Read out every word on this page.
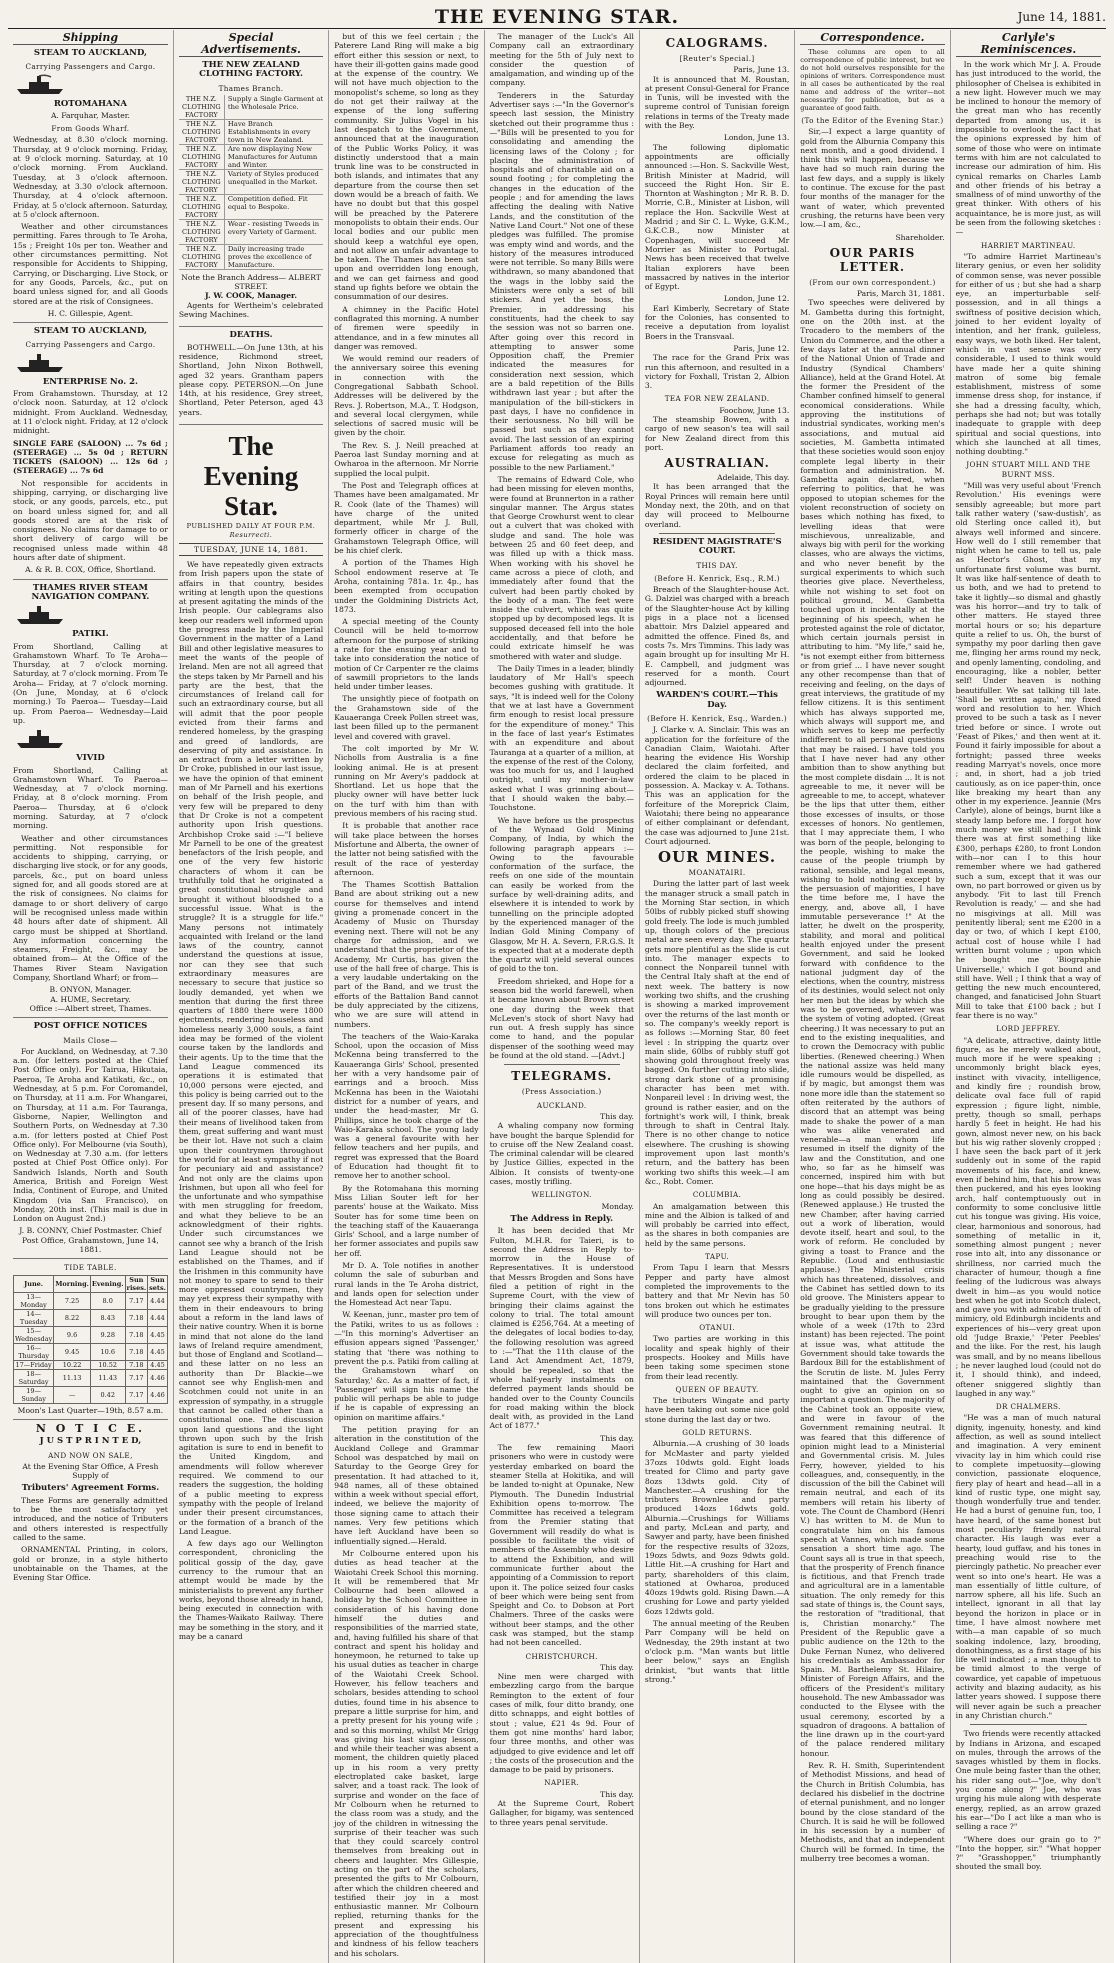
THE EVENING STAR.	June 14, 1881.
Shipping
STEAM TO AUCKLAND,
Carrying Passengers and Cargo.
ROTOMAHANA
A. Farquhar, Master.
From Goods Wharf.

Wednesday, at 8.30 o'clock morning. Thursday, at 9 o'clock morning. Friday, at 9 o'clock morning. Saturday, at 10 o'clock morning. From Auckland. Tuesday, at 3 o'clock afternoon. Wednesday, at 3.30 o'clock afternoon. Thursday, at 4 o'clock afternoon. Friday, at 5 o'clock afternoon. Saturday, at 5 o'clock afternoon.

Weather and other circumstances permitting. Fares through to Te Aroha, 15s ; Freight 10s per ton. Weather and other circumstances permitting. Not responsible for Accidents to Shipping, Carrying, or Discharging. Live Stock, or for any Goods, Parcels, &c., put on board unless signed for, and all Goods stored are at the risk of Consignees.

H. C. Gillespie, Agent.
STEAM TO AUCKLAND,
Carrying Passengers and Cargo.
ENTERPRISE No. 2.

From Grahamstown. Thursday, at 12 o'clock noon. Saturday, at 12 o'clock midnight. From Auckland. Wednesday, at 11 o'clock night. Friday, at 12 o'clock midnight.

SINGLE FARE (SALOON) ... 7s 6d ; (STEERAGE) ... 5s 0d ; RETURN TICKETS (SALOON) ... 12s 6d ; (STEERAGE) ... 7s 6d

Not responsible for accidents in shipping, carrying, or discharging live stock, or any goods, parcels, etc., put on board unless signed for, and all goods stored are at the risk of consignees. No claims for damage to or short delivery of cargo will be recognised unless made within 48 hours after date of shipment.

A. & R. B. COX, Office, Shortland.
THAMES RIVER STEAM NAVIGATION COMPANY.
PATIKI.

From Shortland, Calling at Grahamstown Wharf. To Te Aroha— Thursday, at 7 o'clock morning. Saturday, at 7 o'clock morning. From Te Aroha— Friday, at 7 o'clock morning. (On June, Monday, at 6 o'clock morning.) To Paeroa— Tuesday—Laid up. From Paeroa— Wednesday—Laid up.

VIVID

From Shortland, Calling at Grahamstown Wharf. To Paeroa— Wednesday, at 7 o'clock morning. Friday, at 8 o'clock morning. From Paeroa— Thursday, at 6 o'clock morning. Saturday, at 7 o'clock morning.

Weather and other circumstances permitting. Not responsible for accidents to shipping, carrying, or discharging live stock, or for any goods, parcels, &c., put on board unless signed for, and all goods stored are at the risk of consignees. No claims for damage to or short delivery of cargo will be recognised unless made within 48 hours after date of shipment. All cargo must be shipped at Shortland. Any information concerning the steamers, Freight, &c., may be obtained from— At the Office of the Thames River Steam Navigation Company, Shortland Wharf; or from—

B. ONYON, Manager.
A. HUME, Secretary.
Office :—Albert street, Thames.
POST OFFICE NOTICES
Mails Close—

For Auckland, on Wednesday, at 7.30 a.m. (for letters posted at the Chief Post Office only). For Tairua, Hikutaia, Paeroa, Te Aroha and Katikati, &c., on Wednesday, at 5 p.m. For Coromandel, on Thursday, at 11 a.m. For Whangarei, on Thursday, at 11 a.m. For Tauranga, Gisborne, Napier, Wellington and Southern Ports, on Wednesday at 7.30 a.m. (for letters posted at Chief Post Office only). For Melbourne (via South), on Wednesday at 7.30 a.m. (for letters posted at Chief Post Office only). For Sandwich Islands, North and South America, British and Foreign West India, Continent of Europe, and United Kingdom (via San Francisco), on Monday, 20th inst. (This mail is due in London on August 2nd.)

J. B. CONNY, Chief Postmaster. Chief Post Office, Grahamstown, June 14, 1881.
TIDE TABLE.
June.	Morning.	Evening.	Sun rises.	Sun sets.
13—Monday	7.25	8.0	7.17	4.44
14—Tuesday	8.22	8.43	7.18	4.44
15—Wednesday	9.6	9.28	7.18	4.45
16—Thursday	9.45	10.6	7.18	4.45
17—Friday	10.22	10.52	7.18	4.45
18—Saturday	11.13	11.43	7.17	4.46
19—Sunday	—	0.42	7.17	4.46
Moon's Last Quarter—19th, 8.57 a.m.
N O T I C E.
J U S T P R I N T E D,
AND NOW ON SALE,
At the Evening Star Office, A Fresh Supply of
Tributers' Agreement Forms.

These Forms are generally admitted to be the most satisfactory yet introduced, and the notice of Tributers and others interested is respectfully called to the same.

ORNAMENTAL Printing, in colors, gold or bronze, in a style hitherto unobtainable on the Thames, at the Evening Star Office.

Special Advertisements.
THE NEW ZEALAND CLOTHING FACTORY.
Thames Branch.
THE N.Z. CLOTHING FACTORY
Supply a Single Garment at the Wholesale Price.
THE N.Z. CLOTHING FACTORY
Have Branch Establishments in every town in New Zealand.
THE N.Z. CLOTHING FACTORY
Are now displaying New Manufactures for Autumn and Winter.
THE N.Z. CLOTHING FACTORY
Variety of Styles produced unequalled in the Market.
THE N.Z. CLOTHING FACTORY
Competition defied. Fit equal to Bespoke.
THE N.Z. CLOTHING FACTORY
Wear - resisting Tweeds in every Variety of Garment.
THE N.Z. CLOTHING FACTORY
Daily increasing trade proves the excellence of Manufacture.
Note the Branch Address— ALBERT STREET.
J. W. COOK, Manager.

Agents for Wertheim's celebrated Sewing Machines.

DEATHS.

BOTHWELL.—On June 13th, at his residence, Richmond street, Shortland, John Nixon Bothwell, aged 32 years. Grantham papers please copy. PETERSON.—On June 14th, at his residence, Grey street, Shortland, Peter Peterson, aged 43 years.

The Evening Star.
PUBLISHED DAILY AT FOUR P.M.
Resurrecti.
TUESDAY, JUNE 14, 1881.

We have repeatedly given extracts from Irish papers upon the state of affairs in that country, besides writing at length upon the questions at present agitating the minds of the Irish people. Our cablegrams also keep our readers well informed upon the progress made by the Imperial Government in the matter of a Land Bill and other legislative measures to meet the wants of the people of Ireland. Men are not all agreed that the steps taken by Mr Parnell and his party are the best, that the circumstances of Ireland call for such an extraordinary course, but all will admit that the poor people evicted from their farms and rendered homeless, by the grasping and greed of landlords, are deserving of pity and assistance. In an extract from a letter written by Dr Croke, published in our last issue, we have the opinion of that eminent man of Mr Parnell and his exertions on behalf of the Irish people, and very few will be prepared to deny that Dr Croke is not a competent authority upon Irish questions. Archbishop Croke said :—"I believe Mr Parnell to be one of the greatest benefactors of the Irish people, and one of the very few historic characters of whom it can be truthfully told that he originated a great constitutional struggle and brought it without bloodshed to a successful issue. What is the struggle? It is a struggle for life." Many persons not intimately acquainted with Ireland or the land laws of the country, cannot understand the questions at issue, nor can they see that such extraordinary measures are necessary to secure that justice so loudly demanded, yet when we mention that during the first three quarters of 1880 there were 1800 ejectments, rendering houseless and homeless nearly 3,000 souls, a faint idea may be formed of the violent course taken by the landlords and their agents. Up to the time that the Land League commenced its operations it is estimated that 10,000 persons were ejected, and this policy is being carried out to the present day. If so many persons, and all of the poorer classes, have had their means of livelihood taken from them, great suffering and want must be their lot. Have not such a claim upon their countrymen throughout the world for at least sympathy if not for pecuniary aid and assistance? And not only are the claims upon Irishmen, but upon all who feel for the unfortunate and who sympathise with men struggling for freedom, and what they believe to be an acknowledgment of their rights. Under such circumstances we cannot see why a branch of the Irish Land League should not be established on the Thames, and if the Irishmen in this community have not money to spare to send to their more oppressed countrymen, they may yet express their sympathy with them in their endeavours to bring about a reform in the land laws of their native country. When it is borne in mind that not alone do the land laws of Ireland require amendment, but those of England and Scotland—and these latter on no less an authority than Dr Blackie—we cannot see why English-men and Scotchmen could not unite in an expression of sympathy, in a struggle that cannot be called other than a constitutional one. The discussion upon land questions and the light thrown upon such by the Irish agitation is sure to end in benefit to the United Kingdom, and amendments will follow wherever required. We commend to our readers the suggestion, the holding of a public meeting to express sympathy with the people of Ireland under their present circumstances, or the formation of a branch of the Land League.

A few days ago our Wellington correspondent, chronicling the political gossip of the day, gave currency to the rumour that an attempt would be made by the ministerialists to prevent any further works, beyond those already in hand, being executed in connection with the Thames-Waikato Railway. There may be something in the story, and it may be a canard

but of this we feel certain ; the Paterere Land Ring will make a big effort either this session or next, to have their ill-gotten gains made good at the expense of the country. We will not have much objection to the monopolist's scheme, so long as they do not get their railway at the expense of the long suffering community. Sir Julius Vogel in his last despatch to the Government, announced that at the inauguration of the Public Works Policy, it was distinctly understood that a main trunk line was to be constructed in both islands, and intimates that any departure from the course then set down would be a breach of faith. We have no doubt but that this gospel will be preached by the Paterere monopolists to obtain their ends. Our local bodies and our public men should keep a watchful eye open, and not allow an unfair advantage to be taken. The Thames has been sat upon and overridden long enough, and we can get fairness and good stand up fights before we obtain the consummation of our desires.

A chimney in the Pacific Hotel conflagrated this morning. A number of firemen were speedily in attendance, and in a few minutes all danger was removed.

We would remind our readers of the anniversary soiree this evening in connection with the Congregational Sabbath School. Addresses will be delivered by the Revs. J. Robertson, M.A., T. Hodgson, and several local clergymen, while selections of sacred music will be given by the choir.

The Rev. S. J. Neill preached at Paeroa last Sunday morning and at Owharoa in the afternoon. Mr Norrie supplied the local pulpit.

The Post and Telegraph offices at Thames have been amalgamated. Mr R. Cook (late of the Thames) will have charge of the united department, while Mr J. Bull, formerly officer in charge of the Grahamstown Telegraph Office, will be his chief clerk.

A portion of the Thames High School endowment reserve at Te Aroha, containing 781a. 1r. 4p., has been exempted from occupation under the Goldmining Districts Act, 1873.

A special meeting of the County Council will be held to-morrow afternoon for the purpose of striking a rate for the ensuing year and to take into consideration the notice of motion of Cr Carpenter re the claims of sawmill proprietors to the lands held under timber leases.

The unsightly piece of footpath on the Grahamstown side of the Kauaeranga Creek Pollen street was, last been filled up to the permanent level and covered with gravel.

The colt imported by Mr W. Nicholls from Australia is a fine looking animal. He is at present running on Mr Avery's paddock at Shortland. Let us hope that the plucky owner will have better luck on the turf with him than with previous members of his racing stud.

It is probable that another race will take place between the horses Misfortune and Alberta, the owner of the latter not being satisfied with the result of the race of yesterday afternoon.

The Thames Scottish Battalion Band are about striking out a new course for themselves and intend giving a promenade concert in the Academy of Music on Thursday evening next. There will not be any charge for admission, and we understand that the proprietor of the Academy, Mr Curtis, has given the use of the hall free of charge. This is a very laudable undertaking on the part of the Band, and we trust the efforts of the Battalion Band cannot be duly appreciated by the citizens, who we are sure will attend in numbers.

The teachers of the Waio-Karaka School, upon the occasion of Miss McKenna being transferred to the Kauaeranga Girls' School, presented her with a very handsome pair of earrings and a brooch. Miss McKenna has been in the Waiotahi district for a number of years, and under the head-master, Mr G. Phillips, since he took charge of the Waio-Karaka school. The young lady was a general favourite with her fellow teachers and her pupils, and regret was expressed that the Board of Education had thought fit to remove her to another school.

By the Rotomahana this morning Miss Lilian Souter left for her parents' house at the Waikato. Miss Souter has for some time been on the teaching staff of the Kauaeranga Girls' School, and a large number of her former associates and pupils saw her off.

Mr D. A. Tole notifies in another column the sale of suburban and rural lands in the Te Aroha district, and lands open for selection under the Homestead Act near Tapu.

W. Keenan, junr., master pro tem of the Patiki, writes to us as follows :—"In this morning's Advertiser an effusion appears signed 'Passenger,' stating that 'there was nothing to prevent the p.s. Patiki from calling at the Grahamstown wharf on Saturday,' &c. As a matter of fact, if 'Passenger' will sign his name the public will perhaps be able to judge if he is capable of expressing an opinion on maritime affairs."

The petition praying for an alteration in the constitution of the Auckland College and Grammar School was despatched by mail on Saturday to the George Grey for presentation. It had attached to it, 948 names, all of these obtained within a week without special effort, indeed, we believe the majority of those signing came to attach their names. Very few petitions which have left Auckland have been so influentially signed.—Herald.

Mr Colbourne entered upon his duties as head teacher at the Waiotahi Creek School this morning. It will be remembered that Mr Colbourne had been allowed a holiday by the School Committee in consideration of his having done himself the duties and responsibilities of the married state, and, having fulfilled his share of that contract and spent his holiday and honeymoon, he returned to take up his usual duties as teacher in charge of the Waiotahi Creek School. However, his fellow teachers and scholars, besides attending to school duties, found time in his absence to prepare a little surprise for him, and a pretty present for his young wife ; and so this morning, whilst Mr Grigg was giving his last singing lesson, and while their teacher was absent a moment, the children quietly placed up in his room a very pretty electroplated cake basket, large salver, and a toast rack. The look of surprise and wonder on the face of Mr Colbourn when he returned to the class room was a study, and the joy of the children in witnessing the surprise of their teacher was such that they could scarcely control themselves from breaking out in cheers and laughter. Mrs Gillespie, acting on the part of the scholars, presented the gifts to Mr Colbourn, after which the children cheered and testified their joy in a most enthusiastic manner. Mr Colbourn replied, returning thanks for the present and expressing his appreciation of the thoughtfulness and kindness of his fellow teachers and his scholars.

The manager of the Luck's All Company call an extraordinary meeting for the 5th of July next to consider the question of amalgamation, and winding up of the company.

Tenderers in the Saturday Advertiser says :—"In the Governor's speech last session, the Ministry sketched out their programme thus :—"Bills will be presented to you for consolidating and amending the licensing laws of the Colony ; for placing the administration of hospitals and of charitable aid on a sound footing ; for completing the changes in the education of the people ; and for amending the laws affecting the dealing with Native Lands, and the constitution of the Native Land Court." Not one of these pledges was fulfilled. The promise was empty wind and words, and the history of the measures introduced were not terrible. So many Bills were withdrawn, so many abandoned that the wags in the lobby said the Ministers were only a set of bill stickers. And yet the boss, the Premier, in addressing his constituents, had the cheek to say the session was not so barren one. After going over this record in attempting to answer some Opposition chaff, the Premier indicated the measures for consideration next session, which are a bald repetition of the Bills withdrawn last year ; but after the manipulation of the bill-stickers in past days, I have no confidence in their seriousness. No bill will be passed but such as they cannot avoid. The last session of an expiring Parliament affords too ready an excuse for relegating as much as possible to the new Parliament."

The remains of Edward Cole, who had been missing for eleven months, were found at Brunnerton in a rather singular manner. The Argus states that George Crowhurst went to clear out a culvert that was choked with sludge and sand. The hole was between 25 and 60 feet deep, and was filled up with a thick mass. When working with his shovel he came across a piece of cloth, and immediately after found that the culvert had been partly choked by the body of a man. The feet were inside the culvert, which was quite stopped up by decomposed legs. It is supposed deceased fell into the hole accidentally, and that before he could extricate himself he was smothered with water and sludge.

The Daily Times in a leader, blindly laudatory of Mr Hall's speech becomes gushing with gratitude. It says, "It is indeed well for the Colony that we at last have a Government firm enough to resist local pressure for the expenditure of money." This in the face of last year's Estimates with an expenditure and about Tauranga at a quarter of a million, at the expense of the rest of the Colony, was too much for us, and I laughed outright, until my mother-in-law asked what I was grinning about—that I should waken the baby.—Touchstone.

We have before us the prospectus of the Wynaad Gold Mining Company, of India, by which the following paragraph appears :—Owing to the favourable conformation of the surface, the reefs on one side of the mountain can easily be worked from the surface by well-draining adits, and elsewhere it is intended to work by tunnelling on the principle adopted by the experienced manager of the Indian Gold Mining Company of Glasgow, Mr H. A. Severn, F.R.G.S. It is expected that at a moderate depth the quartz will yield several ounces of gold to the ton.

Freedom shrieked, and Hope for a season bid the world farewell, when it became known about Brown street one day during the week that McLeven's stock of short Navy had run out. A fresh supply has since come to hand, and the popular dispenser of the soothing weed may be found at the old stand. —[Advt.]

TELEGRAMS.
(Press Association.)
AUCKLAND.
This day.

A whaling company now forming have bought the barque Splendid for to cruise off the New Zealand coast. The criminal calendar will be cleared by Justice Gillies, expected in the Albion. It consists of twenty-one cases, mostly trifling.

WELLINGTON.
Monday.
The Address in Reply.

It has been decided that Mr Fulton, M.H.R. for Taieri, is to second the Address in Reply to-morrow in the House of Representatives. It is understood that Messrs Brogden and Sons have filed a petition of right in the Supreme Court, with the view of bringing their claims against the colony to trial. The total amount claimed is £256,764. At a meeting of the delegates of local bodies to-day, the following resolution was agreed to :—"That the 11th clause of the Land Act Amendment Act, 1879, should be repealed, so that the whole half-yearly instalments on deferred payment lands should be handed over to the County Councils for road making within the block dealt with, as provided in the Land Act of 1877."

This day.

The few remaining Maori prisoners who were in custody were yesterday embarked on board the steamer Stella at Hokitika, and will be landed to-night at Opunake, New Plymouth. The Dunedin Industrial Exhibition opens to-morrow. The Committee has received a telegram from the Premier stating that Government will readily do what is possible to facilitate the visit of members of the Assembly who desire to attend the Exhibition, and will communicate further about the appointing of a Commission to report upon it. The police seized four casks of beer which were being sent from Speight and Co. to Dobson at Port Chalmers. Three of the casks were without beer stamps, and the other cask was stamped, but the stamp had not been cancelled.

CHRISTCHURCH.
This day.

Nine men were charged with embezzling cargo from the barque Remington to the extent of four cases of milk, four ditto brandy, one ditto schnapps, and eight bottles of stout ; value, £21 4s 9d. Four of them got nine months' hard labor, four three months, and other was adjudged to give evidence and let off ; the costs of the prosecution and the damage to be paid by prisoners.

NAPIER.
This day.

At the Supreme Court, Robert Gallagher, for bigamy, was sentenced to three years penal servitude.

CALOGRAMS.
[Reuter's Special.]
Paris, June 13.

It is announced that M. Roustan, at present Consul-General for France in Tunis, will be invested with the supreme control of Tunisian foreign relations in terms of the Treaty made with the Bey.

London, June 13.

The following diplomatic appointments are officially announced :—Hon. S. Sackville West, British Minister at Madrid, will succeed the Right Hon. Sir E. Thornton at Washington ; Mr R. B. D. Morrie, C.B., Minister at Lisbon, will replace the Hon. Sackville West at Madrid ; and Sir C. L. Wyke, G.K.M., G.K.C.B., now Minister at Copenhagen, will succeed Mr Morrier as Minister to Portugal. News has been received that twelve Italian explorers have been massacred by natives in the interior of Egypt.

London, June 12.

Earl Kimberly, Secretary of State for the Colonies, has consented to receive a deputation from loyalist Boers in the Transvaal.

Paris, June 12.

The race for the Grand Prix was run this afternoon, and resulted in a victory for Foxhall, Tristan 2, Albion 3.

TEA FOR NEW ZEALAND.
Foochow, June 13.

The steamship Bowen, with a cargo of new season's tea will sail for New Zealand direct from this port.

AUSTRALIAN.
Adelaide, This day.

It has been arranged that the Royal Princes will remain here until Monday next, the 20th, and on that day will proceed to Melbourne overland.

RESIDENT MAGISTRATE'S COURT.
THIS DAY.
(Before H. Kenrick, Esq., R.M.)

Breach of the Slaughter-house Act. G. Dalziel was charged with a breach of the Slaughter-house Act by killing pigs in a place not a licensed abattoir. Mrs Dalziel appeared and admitted the offence. Fined 8s, and costs 7s. Mrs Timmins. This lady was again brought up for insulting Mr H. E. Campbell, and judgment was reserved for a month. Court adjourned.

WARDEN'S COURT.—This Day.
(Before H. Kenrick, Esq., Warden.)

J. Clarke v. A. Sinclair. This was an application for the forfeiture of the Canadian Claim, Waiotahi. After hearing the evidence His Worship declared the claim forfeited, and ordered the claim to be placed in possession. A. Mackay v. A. Tothans. This was an application for the forfeiture of the Moreprick Claim, Waiotahi; there being no appearance of either complainant or defendant, the case was adjourned to June 21st. Court adjourned.

OUR MINES.
MOANATAIRI.

During the latter part of last week the manager struck a small patch in the Morning Star section, in which 50lbs of rubbly picked stuff showing gold freely. The lode is much jumbled up, though colors of the precious metal are seen every day. The quartz gets more plentiful as the slide is cut into. The manager expects to connect the Nonpareil tunnel with the Central Italy shaft at the end of next week. The battery is now working two shifts, and the crushing is showing a marked improvement over the returns of the last month or so. The company's weekly report is as follows :—Morning Star, 80 feet level : In stripping the quartz over main slide, 60lbs of rubbly stuff got showing gold throughout freely was bagged. On further cutting into slide, strong dark stone of a promising character has been met with. Nonpareil level : In driving west, the ground is rather easier, and on the fortnight's work will, I think, break through to shaft in Central Italy. There is no other change to notice elsewhere. The crushing is showing improvement upon last month's return, and the battery has been working two shifts this week.—I am &c., Robt. Comer.

COLUMBIA.

An amalgamation between this mine and the Albion is talked of and will probably be carried into effect, as the shares in both companies are held by the same persons.

TAPU.

From Tapu I learn that Messrs Pepper and party have almost completed the improvements to the battery and that Mr Nevin has 50 tons broken out which he estimates will produce two ounces per ton.

OTANUI.

Two parties are working in this locality and speak highly of their prospects. Hookey and Mills have been taking some specimen stone from their lead recently.

QUEEN OF BEAUTY.

The tributers Wingate and party have been taking out some nice gold stone during the last day or two.

GOLD RETURNS.

Alburnia.—A crushing of 30 loads for McMaster and party yielded 37ozs 10dwts gold. Eight loads treated for Climo and party gave 8ozs 13dwts gold. City of Manchester.—A crushing for the tributers Brownlee and party produced 14ozs 16dwts gold. Alburnia.—Crushings for Williams and party, McLean and party, and Sawyer and party, have been finished for the respective results of 32ozs, 19ozs 5dwts, and 9ozs 9dwts gold. Little Hit.—A crushing for Hart and party, shareholders of this claim, stationed at Owharoa, produced 40ozs 19dwts gold. Rising Dawn.—A crushing for Lowe and party yielded 6ozs 12dwts gold.

The annual meeting of the Reuben Parr Company will be held on Wednesday, the 29th instant at two o'clock p.m. "Man wants but little beer below," says an English drinkist, "but wants that little strong."

Correspondence.

These columns are open to all correspondence of public interest, but we do not hold ourselves responsible for the opinions of writers. Correspondence must in all cases be authenticated by the real name and address of the writer—not necessarily for publication, but as a guarantee of good faith.

(To the Editor of the Evening Star.)

Sir,—I expect a large quantity of gold from the Alburnia Company this next month, and a good dividend. I think this will happen, because we have had so much rain during the last few days, and a supply is likely to continue. The excuse for the past four months of the manager for the want of water, which prevented crushing, the returns have been very low.—I am, &c.,

Shareholder.
OUR PARIS LETTER.
(From our own correspondent.)
Paris, March 31, 1881.

Two speeches were delivered by M. Gambetta during this fortnight, one on the 20th inst. at the Trocadero to the members of the Union du Commerce, and the other a few days later at the annual dinner of the National Union of Trade and Industry (Syndical Chambers' Alliance), held at the Grand Hotel. At the former the President of the Chamber confined himself to general economical considerations. While approving the institutions of industrial syndicates, working men's associations, and mutual aid societies, M. Gambetta intimated that these societies would soon enjoy complete legal liberty in their formation and administration. M. Gambetta again declared, when referring to politics, that he was opposed to utopian schemes for the violent reconstruction of society on bases which nothing has fixed, to levelling ideas that were mischievous, unrealizable, and always big with peril for the working classes, who are always the victims, and who never benefit by the surgical experiments to which such theories give place. Nevertheless, while not wishing to set foot on political ground, M. Gambetta touched upon it incidentally at the beginning of his speech, when he protested against the role of dictator, which certain journals persist in attributing to him. "My life," said he, "is not exempt either from bitterness or from grief ... I have never sought any other recompense than that of receiving and feeling, on the days of great interviews, the gratitude of my fellow citizens. It is this sentiment which has always supported me, which always will support me, and which serves to keep me perfectly indifferent to all personal questions that may be raised. I have told you that I have never had any other ambition than to show anything but the most complete disdain ... It is not agreeable to me, it never will be agreeable to me, to accept, whatever be the lips that utter them, either those excesses of insults, or those excesses of honors. No gentlemen, that I may appreciate them, I who was born of the people, belonging to the people, wishing to make the cause of the people triumph by rational, sensible, and legal means, wishing to hold nothing except by the persuasion of majorities, I have the time before me, I have the energy, and, above all, I have immutable perseverance !" At the latter, he dwelt on the prosperity, stability, and moral and political health enjoyed under the present Government, and said he looked forward with confidence to the national judgment day of the elections, when the country, mistress of its destinies, would select not only her men but the ideas by which she was to be governed, whatever was the system of voting adopted. (Great cheering.) It was necessary to put an end to the existing inequalities, and to crown the Democracy with public liberties. (Renewed cheering.) When the national assize was held many idle rumours would be dispelled, as if by magic, but amongst them was none more idle than the statement so often reiterated by the authors of discord that an attempt was being made to shake the power of a man who was alike venerated and venerable—a man whom life resumed in itself the dignity of the law and the Constitution, and one who, so far as he himself was concerned, inspired him with but one hope—that his days might be as long as could possibly be desired. (Renewed applause.) He trusted the new Chamber, after having carried out a work of liberation, would devote itself, heart and soul, to the work of reform. He concluded by giving a toast to France and the Republic. (Loud and enthusiastic applause.) The Ministerial crisis which has threatened, dissolves, and the Cabinet has settled down to its old groove. The Ministers appear to be gradually yielding to the pressure brought to bear upon them by the whole of a week (17th to 23rd instant) has been rejected. The point at issue was, what attitude the Government should take towards the Bardoux Bill for the establishment of the Scrutin de liste. M. Jules Ferry maintained that the Government ought to give an opinion on so important a question. The majority of the Cabinet took an opposite view, and were in favour of the Government remaining neutral. It was feared that this difference of opinion might lead to a Ministerial and Governmental crisis. M. Jules Ferry, however, yielded to his colleagues, and, consequently, in the discussion of the bill the Cabinet will remain neutral, and each of its members will retain his liberty of vote. The Count de Chambord (Henri V.) has written to M. de Mun to congratulate him on his famous speech at Vannes, which made some sensation a short time ago. The Count says all is true in that speech, that the prosperity of French finance is fictitious, and that French trade and agricultural are in a lamentable situation. The only remedy for this sad state of things is, the Count says, the restoration of "traditional, that is, Christian monarchy." The President of the Republic gave a public audience on the 12th to the Duke Fernan Nunez, who delivered his credentials as Ambassador for Spain. M. Barthelemy St. Hilaire, Minister of Foreign Affairs, and the officers of the President's military household. The new Ambassador was conducted to the Elysee with the usual ceremony, escorted by a squadron of dragoons. A battalion of the line drawn up in the court-yard of the palace rendered military honour.

Rev. R. H. Smith, Superintendent of Methodist Missions, and head of the Church in British Columbia, has declared his disbelief in the doctrine of eternal punishment, and no longer bound by the close standard of the Church. It is said he will be followed in his secession by a number of Methodists, and that an independent Church will be formed. In time, the mulberry tree becomes a woman.

Carlyle's Reminiscences.

In the work which Mr J. A. Froude has just introduced to the world, the philosopher of Chelsea is exhibited in a new light. However much we may be inclined to honour the memory of the great man who has recently departed from among us, it is impossible to overlook the fact that the opinions expressed by him of some of those who were on intimate terms with him are not calculated to increase our admiration of him. His cynical remarks on Charles Lamb and other friends of his betray a smallness of of mind unworthy of the great thinker. With others of his acquaintance, he is more just, as will be seen from the following sketches :—

HARRIET MARTINEAU.

"To admire Harriet Martineau's literary genius, or even her solidity of common sense, was never possible for either of us ; but she had a sharp eye, an imperturbable self-possession, and in all things a swiftness of positive decision which, joined to her evident loyalty of intention, and her frank, guileless, easy ways, we both liked. Her talent, which in vast sense was very considerable, I used to think would have made her a quite shining matron of some big female establishment, mistress of some immense dress shop, for instance, if she had a dressing faculty, which, perhaps she had not; but was totally inadequate to grapple with deep spiritual and social questions, into which she launched at all times, nothing doubting."

JOHN STUART MILL AND THE BURNT MSS.

"Mill was very useful about 'French Revolution.' His evenings were sensibly agreeable; but more part talk rather watery ('saw-dustish', as old Sterling once called it), but always well informed and sincere. How well do I still remember that night when he came to tell us, pale as Hector's Ghost, that my unfortunate first volume was burnt. It was like half-sentence of death to us both, and we had to pretend to take it lightly—so dismal and ghastly was his horror—and try to talk of other matters. He stayed three mortal hours or so; his departure quite a relief to us. Oh, the burst of sympathy my poor darling then gave me, flinging her arms round my neck, and openly lamenting, condoling, and encouraging, like a nobler, better self! Under heaven is nothing beautifuller. We sat talking till late. 'Shall be written again,' my fixed word and resolution to her. Which proved to be such a task as I never tried before or since. I wrote out 'Feast of Pikes,' and then went at it. Found it fairly impossible for about a fortnight; passed three weeks reading Marryat's novels, once more ; and, in short, had a job tried cautiously, as on ice paper-thin, once like breaking my heart than any other in my experience. Jeannie (Mrs Carlyle), alone of beings, burnt like a steady lamp before me. I forgot how much money we still had ; I think there was at first something like £300, perhaps £280, to front London with—nor can I to this hour remember where we had gathered such a sum, except that it was our own, no part borrowed or given us by anybody. 'Fit to last till French Revolution is ready,' — and she had no misgivings at all. Mill was penitently liberal; sent me £200 in a day or two, of which I kept £100, actual cost of house while I had written burnt volume ; upon which he bought me 'Biographie Universelle,' which I got bound and still have. Well ; I think that a way of getting the new much encountered, changed, and fanaticised John Stuart Mill to take that £100 back ; but I fear there is no way."

LORD JEFFREY.

"A delicate, attractive, dainty little figure, as he merely walked about, much more if he were speaking ; uncommonly bright black eyes, instinct with vivacity, intelligence, and kindly fire ; roundish brow, delicate oval face full of rapid expression ; figure light, nimble, pretty, though so small, perhaps hardly 5 feet in height. He had his gown, almost never new, on his back but his wig rather slovenly cropped ; I have seen the back part of it jerk suddenly out in some of the rapid movements of his face, and knew, even if behind him, that his brow was then puckered, and his eyes looking arch, half contemptuously out in conformity to some conclusive little cut his tongue was giving. His voice, clear, harmonious and sonorous, had something of metallic in it, something almost pungent ; never rose into alt, into any dissonance or shrillness, nor carried much the character of humour, though a fine feeling of the ludicrous was always dwelt in him—as you would notice best when he got into Scotch dialect, and gave you with admirable truth of mimicry, old Edinburgh incidents and experiences of his—very great upon old 'Judge Braxie,' 'Peter Peebles' and the like. For the rest, his laugh was small, and by no means libellous ; he never laughed loud (could not do it, I should think), and indeed, oftener sniggered slightly than laughed in any way."

DR CHALMERS.

"He was a man of much natural dignity, ingenuity, honesty, and kind affection, as well as sound intellect and imagination. A very eminent vivacity lay in him which could rise to complete impetuosity—glowing conviction, passionate eloquence, fiery play of heart and head—all in a kind of rustic type, one might say, though wonderfully true and tender. He had a burst of genuine fun, too, I have heard, of the same honest but most peculiarly friendly natural character. His laugh was ever a hearty, loud guffaw, and his tones in preaching would rise to the piercingly pathetic. No preacher ever went so into one's heart. He was a man essentially of little culture, of narrow sphere, all his life. Such an intellect, ignorant in all that lay beyond the horizon in place or in time, I have almost nowhere met with—a man capable of so much soaking indolence, lazy, brooding, donothingness, as a first stage of his life well indicated ; a man thought to be timid almost to the verge of cowardice, yet capable of impetuous activity and blazing audacity, as his latter years showed. I suppose there will never again be such a preacher in any Christian church."

Two friends were recently attacked by Indians in Arizona, and escaped on mules, through the arrows of the savages whistled by them in flocks. One mule being faster than the other, his rider sang out—"Joe, why don't you come along ?" Joe, who was urging his mule along with desperate energy, replied, as an arrow grazed his ear—"Do I act like a man who is selling a race ?"

"Where does our grain go to ?" "Into the hopper, sir." "What hopper ?" "Grasshopper," triumphantly shouted the small boy.
